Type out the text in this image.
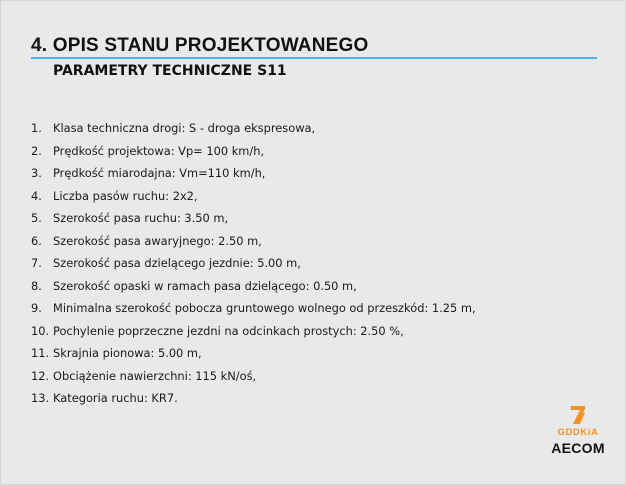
4. OPIS STANU PROJEKTOWANEGO
PARAMETRY TECHNICZNE S11
1. Klasa techniczna drogi: S - droga ekspresowa,
2. Prędkość projektowa: Vp= 100 km/h,
3. Prędkość miarodajna: Vm=110 km/h,
4. Liczba pasów ruchu: 2x2,
5. Szerokość pasa ruchu: 3.50 m,
6. Szerokość pasa awaryjnego: 2.50 m,
7. Szerokość pasa dzielącego jezdnie: 5.00 m,
8. Szerokość opaski w ramach pasa dzielącego: 0.50 m,
9. Minimalna szerokość pobocza gruntowego wolnego od przeszkód: 1.25 m,
10. Pochylenie poprzeczne jezdni na odcinkach prostych: 2.50 %,
11. Skrajnia pionowa: 5.00 m,
12. Obciążenie nawierzchni: 115 kN/oś,
13. Kategoria ruchu: KR7.
GDDKiA
AECOM
